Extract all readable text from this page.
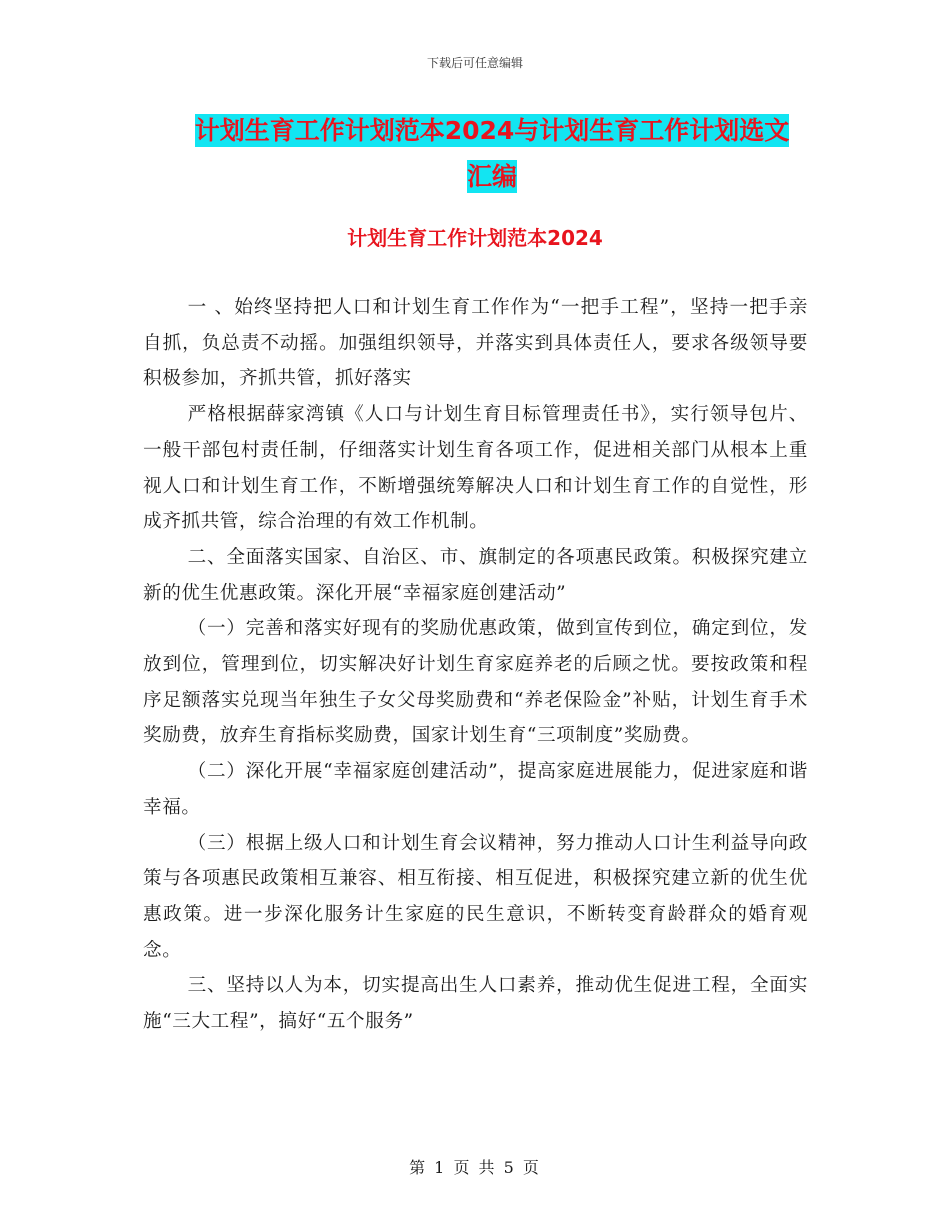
下载后可任意编辑
计划生育工作计划范本2024与计划生育工作计划选文
汇编
计划生育工作计划范本2024

一 、始终坚持把人口和计划生育工作作为“一把手工程”，坚持一把手亲自抓，负总责不动摇。加强组织领导，并落实到具体责任人，要求各级领导要积极参加，齐抓共管，抓好落实

严格根据薛家湾镇《人口与计划生育目标管理责任书》，实行领导包片、一般干部包村责任制，仔细落实计划生育各项工作，促进相关部门从根本上重视人口和计划生育工作，不断增强统筹解决人口和计划生育工作的自觉性，形成齐抓共管，综合治理的有效工作机制。

二、全面落实国家、自治区、市、旗制定的各项惠民政策。积极探究建立新的优生优惠政策。深化开展“幸福家庭创建活动”

（一）完善和落实好现有的奖励优惠政策，做到宣传到位，确定到位，发放到位，管理到位，切实解决好计划生育家庭养老的后顾之忧。要按政策和程序足额落实兑现当年独生子女父母奖励费和“养老保险金”补贴，计划生育手术奖励费，放弃生育指标奖励费，国家计划生育“三项制度”奖励费。

（二）深化开展“幸福家庭创建活动”，提高家庭进展能力，促进家庭和谐幸福。

（三）根据上级人口和计划生育会议精神，努力推动人口计生利益导向政策与各项惠民政策相互兼容、相互衔接、相互促进，积极探究建立新的优生优惠政策。进一步深化服务计生家庭的民生意识，不断转变育龄群众的婚育观念。

三、坚持以人为本，切实提高出生人口素养，推动优生促进工程，全面实施“三大工程”，搞好“五个服务”

第 1 页 共 5 页
